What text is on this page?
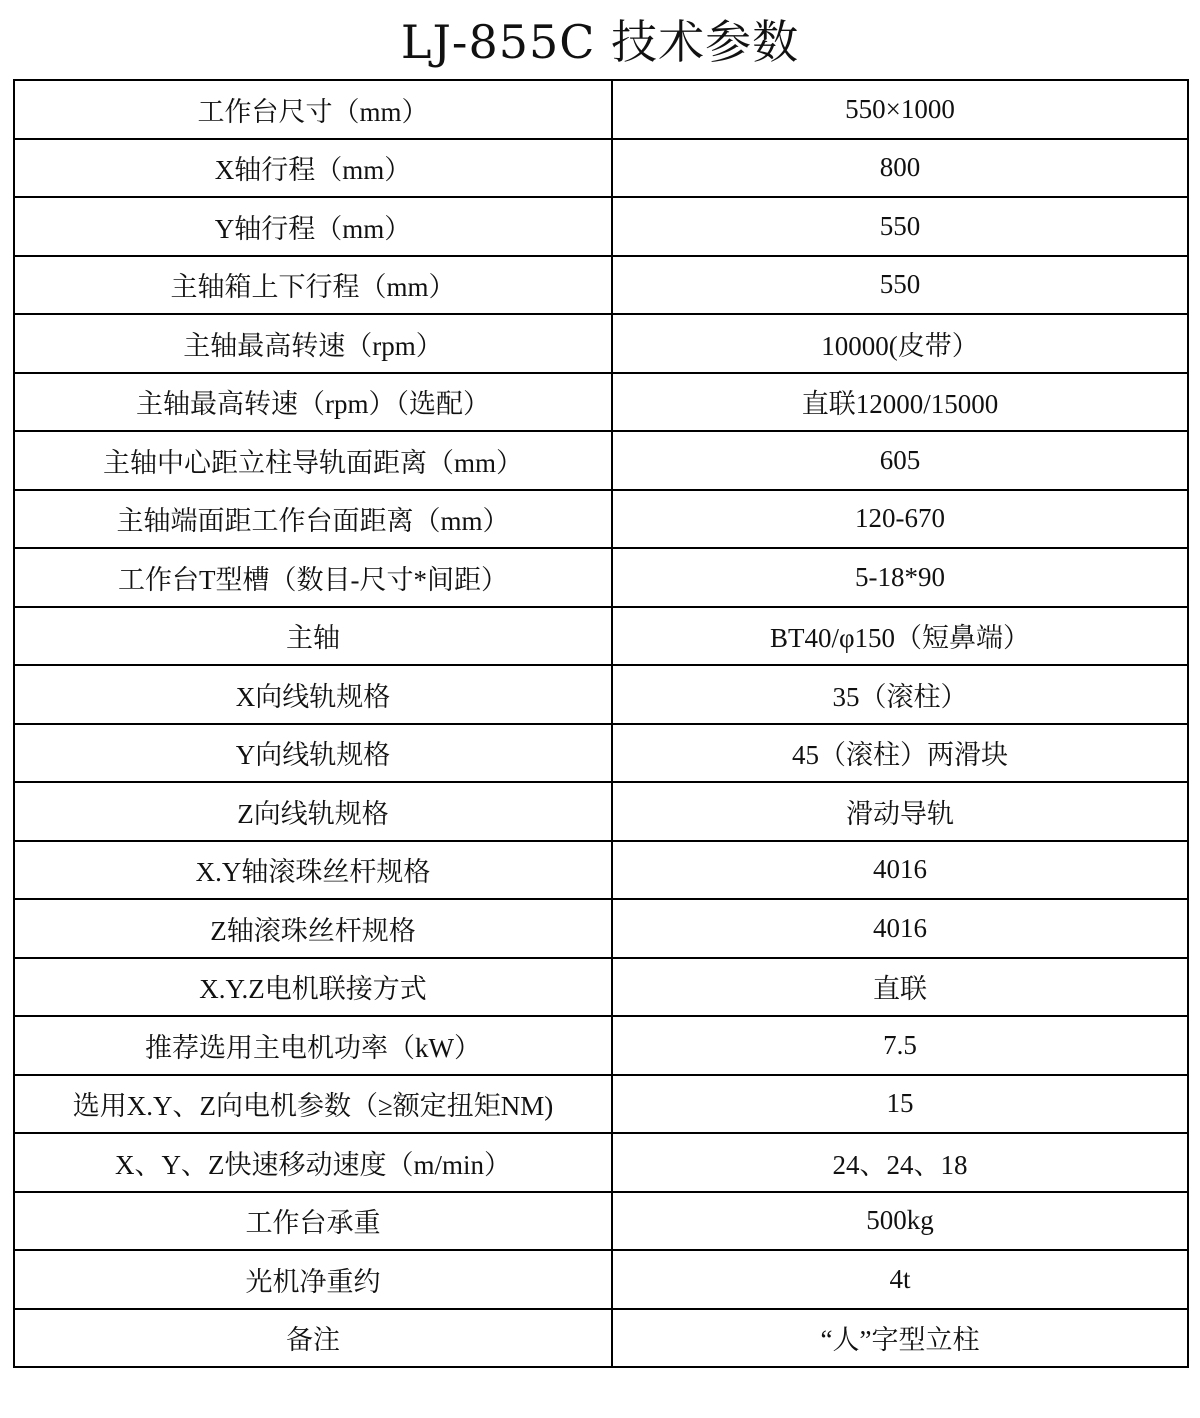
LJ-855C 技术参数
工作台尺寸（mm）	550×1000
X轴行程（mm）	800
Y轴行程（mm）	550
主轴箱上下行程（mm）	550
主轴最高转速（rpm）	10000(皮带）
主轴最高转速（rpm）（选配）	直联12000/15000
主轴中心距立柱导轨面距离（mm）	605
主轴端面距工作台面距离（mm）	120-670
工作台T型槽（数目-尺寸*间距）	5-18*90
主轴	BT40/φ150（短鼻端）
X向线轨规格	35（滚柱）
Y向线轨规格	45（滚柱）两滑块
Z向线轨规格	滑动导轨
X.Y轴滚珠丝杆规格	4016
Z轴滚珠丝杆规格	4016
X.Y.Z电机联接方式	直联
推荐选用主电机功率（kW）	7.5
选用X.Y、Z向电机参数（≥额定扭矩NM)	15
X、Y、Z快速移动速度（m/min）	24、24、18
工作台承重	500kg
光机净重约	4t
备注	“人”字型立柱
